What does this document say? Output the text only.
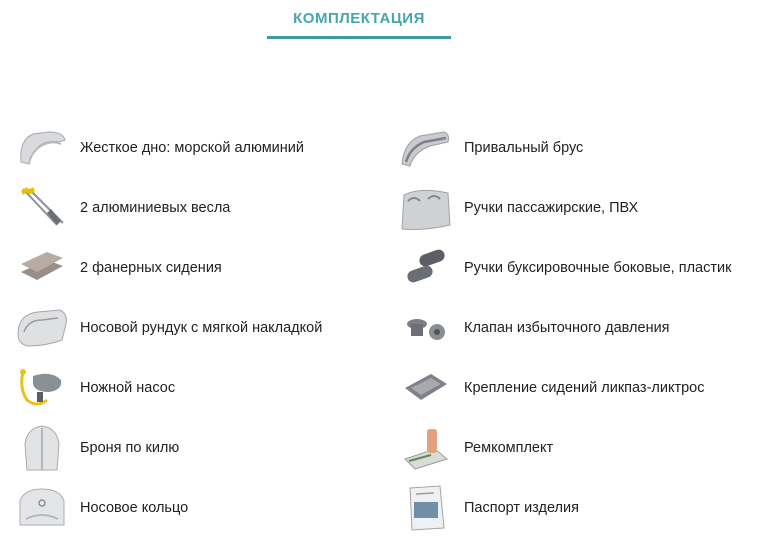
КОМПЛЕКТАЦИЯ
Жесткое дно: морской алюминий
2 алюминиевых весла
2 фанерных сидения
Носовой рундук с мягкой накладкой
Ножной насос
Броня по килю
Носовое кольцо
Привальный брус
Ручки пассажирские, ПВХ
Ручки буксировочные боковые, пластик
Клапан избыточного давления
Крепление сидений ликпаз-ликтрос
Ремкомплект
Паспорт изделия
